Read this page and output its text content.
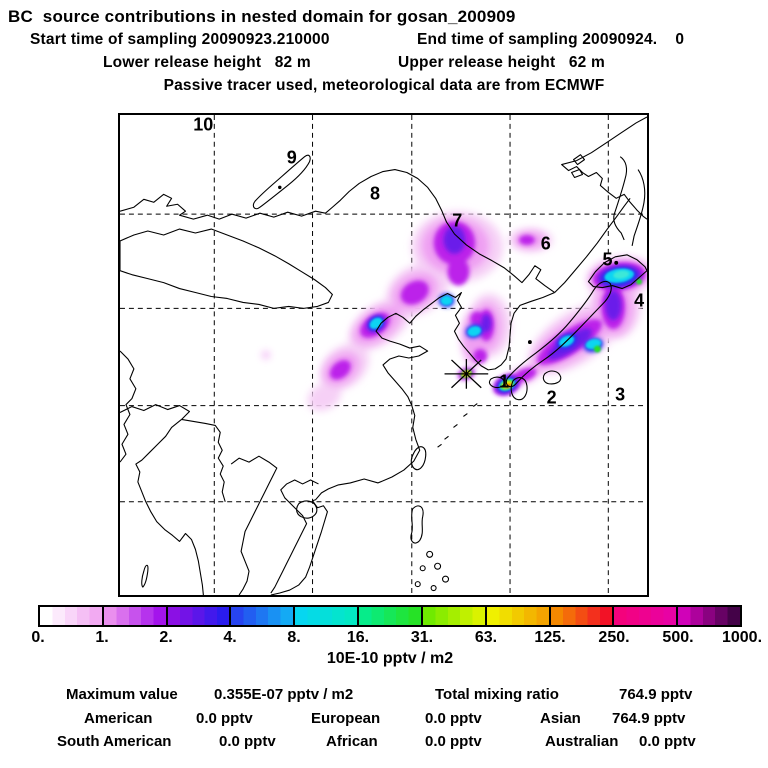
BC  source contributions in nested domain for gosan_200909
Start time of sampling 20090923.210000	End time of sampling 20090924.    0
Lower release height   82 m	Upper release height   62 m
Passive tracer used, meteorological data are from ECMWF
10
9
8
7
6
5
4
3
2
1
0.	1.	2.	4.	8.	16.	31.	63. 125. 250. 500. 1000.
10E-10 pptv / m2
Maximum value 0.355E-07 pptv / m2	Total mixing ratio	764.9 pptv
American	0.0 pptv	European	0.0 pptv	Asian 764.9 pptv
South American	0.0 pptv	African	0.0 pptv	Australian 0.0 pptv
